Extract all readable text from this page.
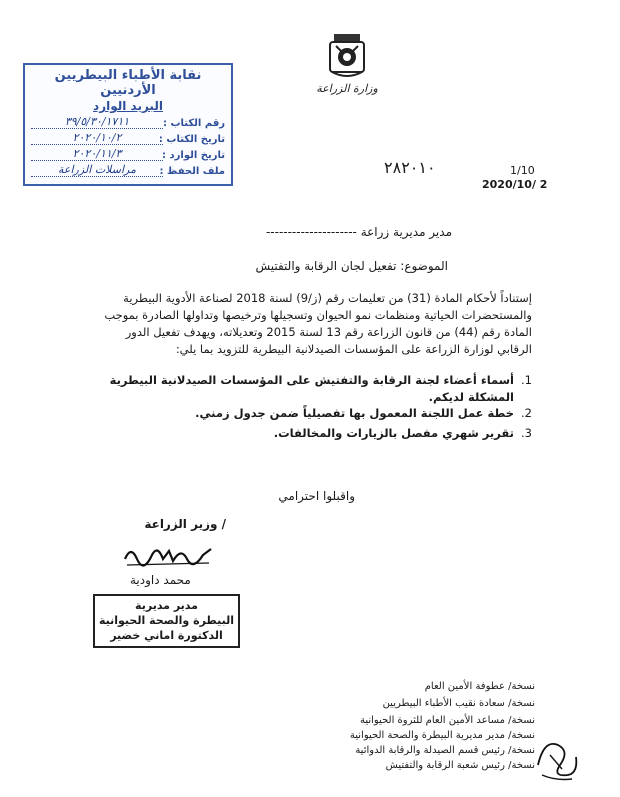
وزارة الزراعة
نقابة الأطباء البيطريين الأردنيين
البريد الوارد
رقم الكتاب :
٣٩/٥/٣٠/١٧١١
تاريخ الكتاب :
٢٠٢٠/١٠/٢
تاريخ الوارد :
٢٠٢٠/١١/٣
ملف الحفظ :
مراسلات الزراعة	٢٨٢٠١٠	1/10
2020/10/ 2
مدير مديرية زراعة ---------------------
الموضوع: تفعيل لجان الرقابة والتفتيش
إستناداً لأحكام المادة (31) من تعليمات رقم (ز/9) لسنة 2018 لصناعة الأدوية البيطرية والمستحضرات الحياتية ومنظمات نمو الحيوان وتسجيلها وترخيصها وتداولها الصادرة بموجب المادة رقم (44) من قانون الزراعة رقم 13 لسنة 2015 وتعديلاته، ويهدف تفعيل الدور الرقابي لوزارة الزراعة على المؤسسات الصيدلانية البيطرية للتزويد بما يلي:
1.
أسماء أعضاء لجنة الرقابة والتفتيش على المؤسسات الصيدلانية البيطرية المشكلة لديكم.
2.
خطة عمل اللجنة المعمول بها تفصيلياً ضمن جدول زمني.
3.
تقرير شهري مفصل بالزيارات والمخالفات.
واقبلوا احترامي
/ وزير الزراعة
محمد داودية
مدير مديرية
البيطرة والصحة الحيوانية
الدكتورة اماني خضير
نسخة/ عطوفة الأمين العام
نسخة/ سعادة نقيب الأطباء البيطريين
نسخة/ مساعد الأمين العام للثروة الحيوانية
نسخة/ مدير مديرية البيطرة والصحة الحيوانية
نسخة/ رئيس قسم الصيدلة والرقابة الدوائية
نسخة/ رئيس شعبة الرقابة والتفتيش
